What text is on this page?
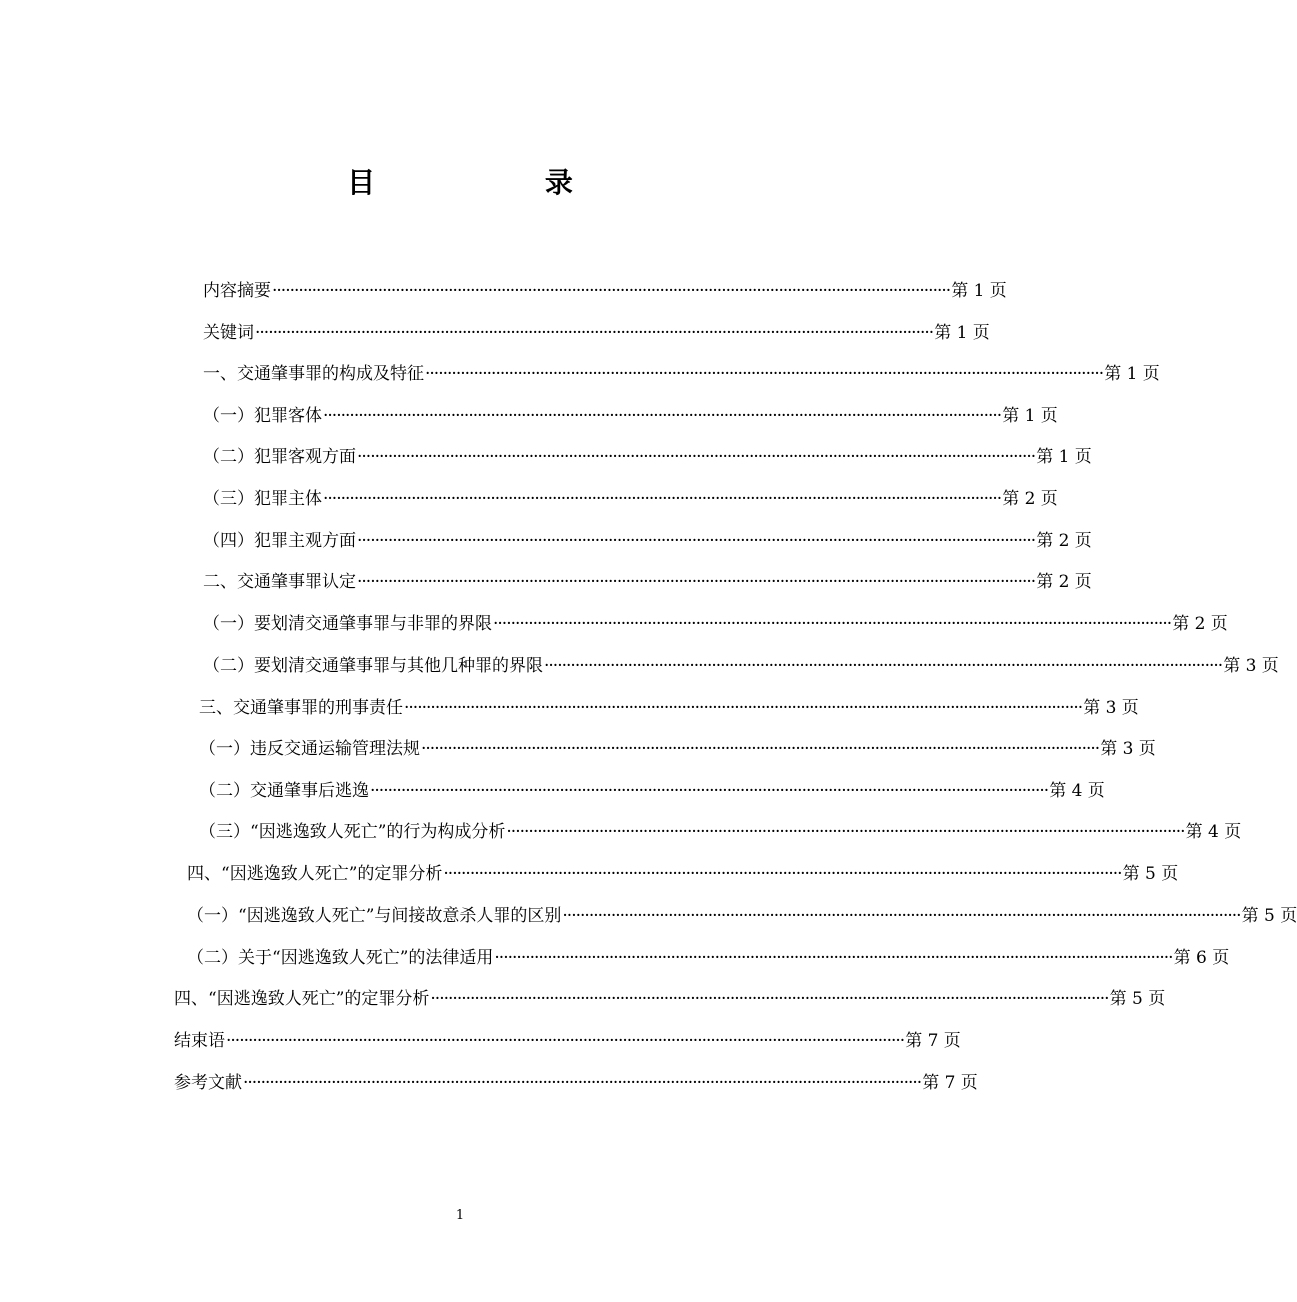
目 录
内容摘要 ·························································································································································· 第 1 页
关键词 ·························································································································································· 第 1 页
一、交通肇事罪的构成及特征 ·························································································································································· 第 1 页
（一）犯罪客体 ·························································································································································· 第 1 页
（二）犯罪客观方面 ·························································································································································· 第 1 页
（三）犯罪主体 ·························································································································································· 第 2 页
（四）犯罪主观方面 ·························································································································································· 第 2 页
二、交通肇事罪认定 ·························································································································································· 第 2 页
（一）要划清交通肇事罪与非罪的界限 ·························································································································································· 第 2 页
（二）要划清交通肇事罪与其他几种罪的界限 ·························································································································································· 第 3 页
三、交通肇事罪的刑事责任 ·························································································································································· 第 3 页
（一）违反交通运输管理法规 ·························································································································································· 第 3 页
（二）交通肇事后逃逸 ·························································································································································· 第 4 页
（三）“因逃逸致人死亡”的行为构成分析 ·························································································································································· 第 4 页
四、“因逃逸致人死亡”的定罪分析 ·························································································································································· 第 5 页
（一）“因逃逸致人死亡”与间接故意杀人罪的区别 ·························································································································································· 第 5 页
（二）关于“因逃逸致人死亡”的法律适用 ·························································································································································· 第 6 页
四、“因逃逸致人死亡”的定罪分析 ·························································································································································· 第 5 页
结束语 ·························································································································································· 第 7 页
参考文献 ·························································································································································· 第 7 页
1
